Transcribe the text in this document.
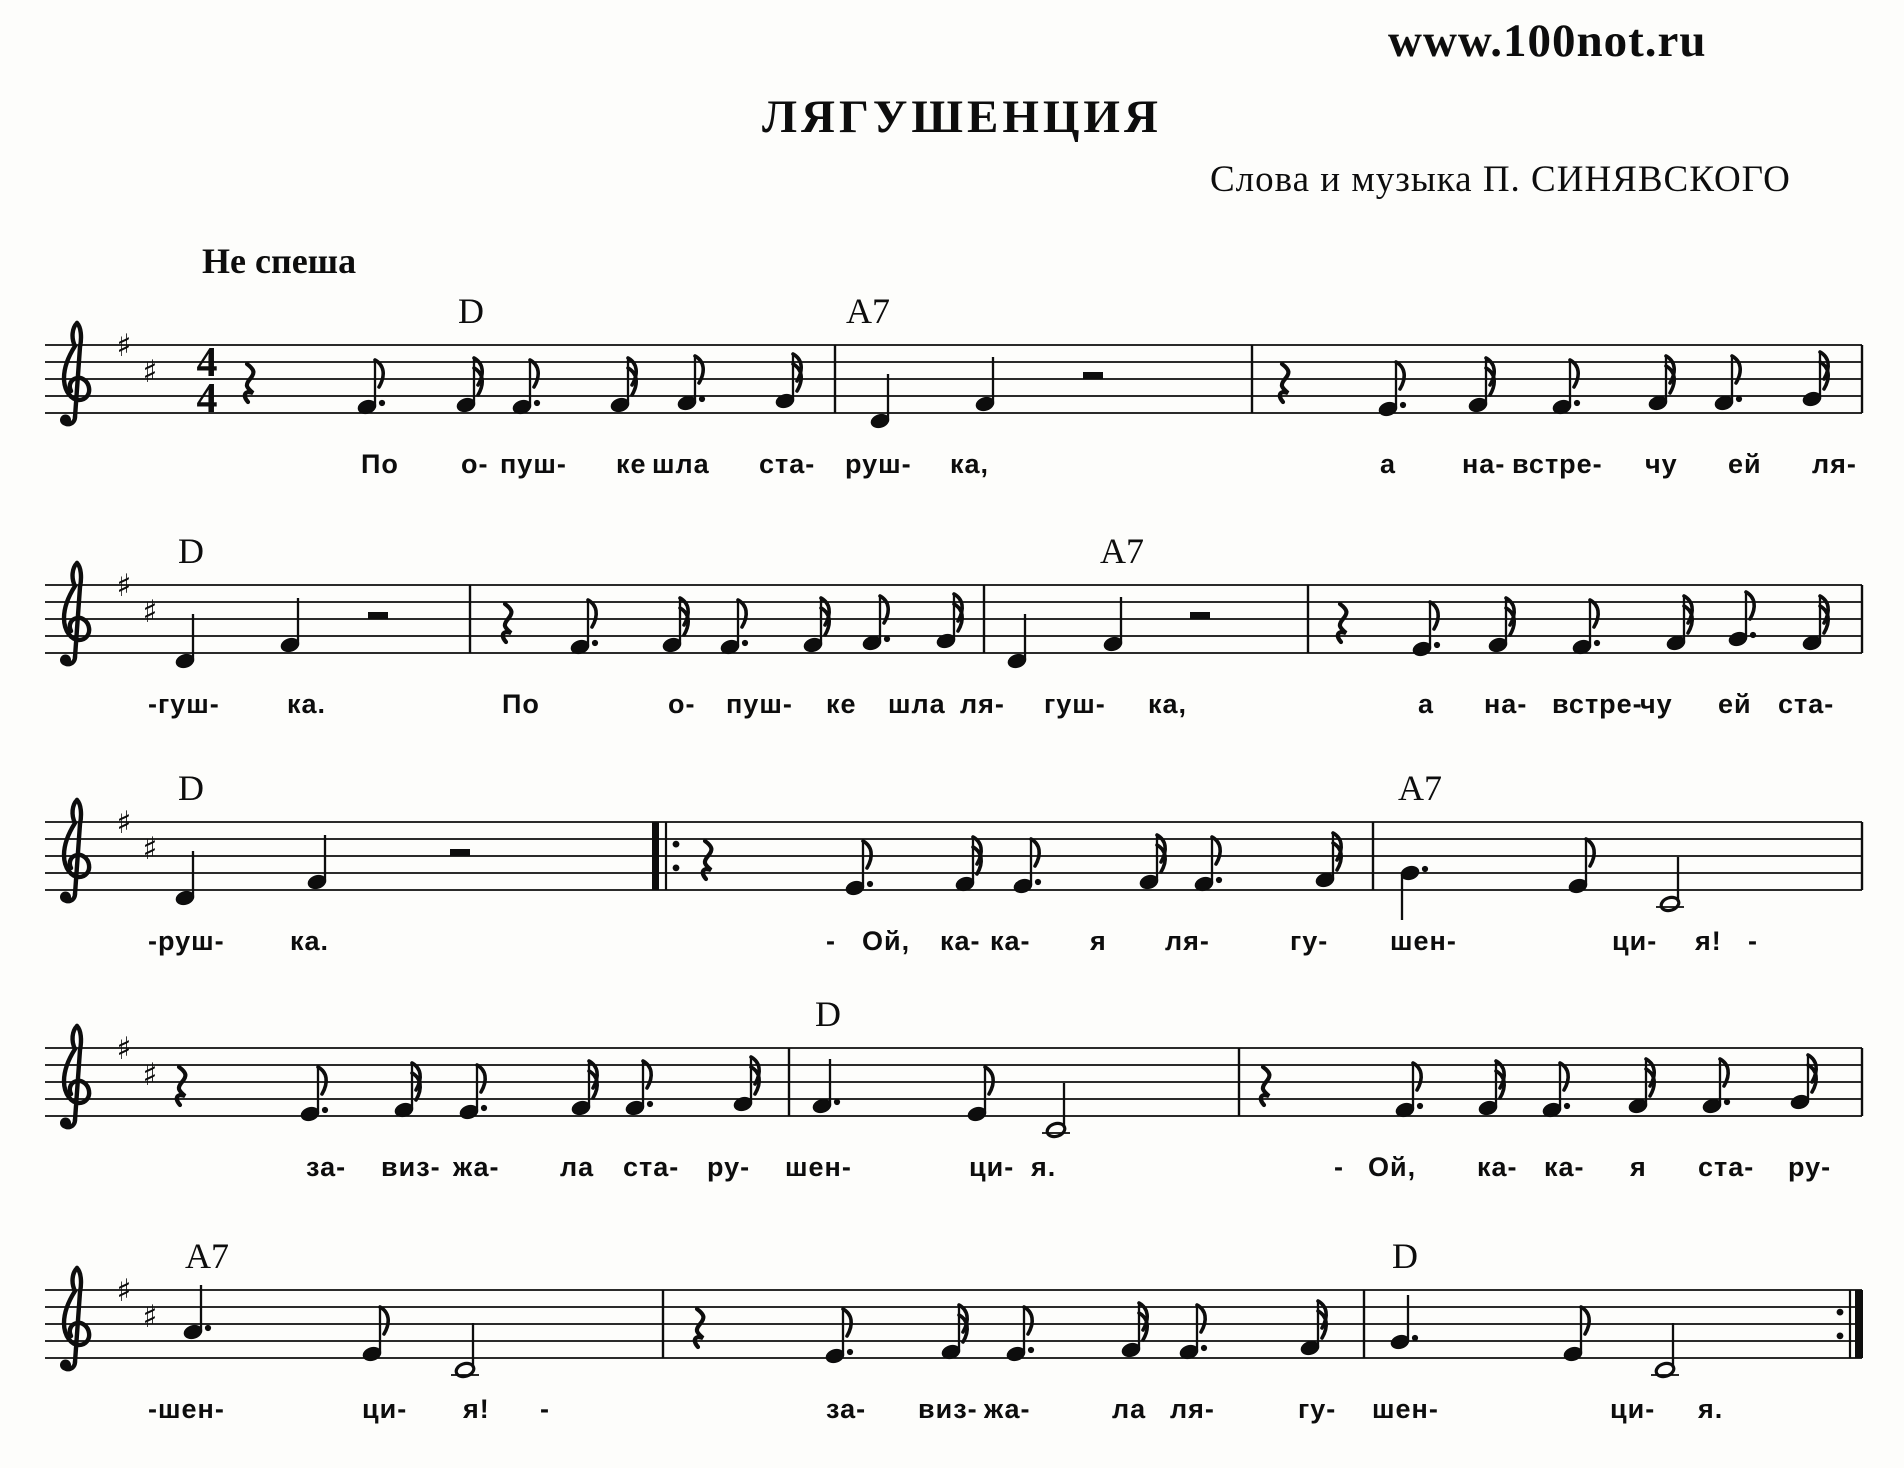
www.100not.ru
ЛЯГУШЕНЦИЯ
Слова и музыка П. СИНЯВСКОГО
Не спеша
♯
♯ 4
4
D	A7
По о- пуш- ке шла ста- руш- ка,	а на- встре- чу ей ля-
♯
♯
D	A7
-гуш- ка.	По	о- пуш- ке шла ля- гуш- ка,	а на- встре-
чу ей ста-
♯
♯
D	A7
-руш- ка.	- Ой, ка- ка- я ля-	гу- шен-	ци- я! -
♯
♯
D
за- виз- жа- ла ста- ру- шен-	ци- я.	- Ой, ка- ка- я ста- ру-
♯
♯
A7	D
-шен-	ци- я! -	за- виз- жа-	ла ля-	гу- шен-	ци- я.
